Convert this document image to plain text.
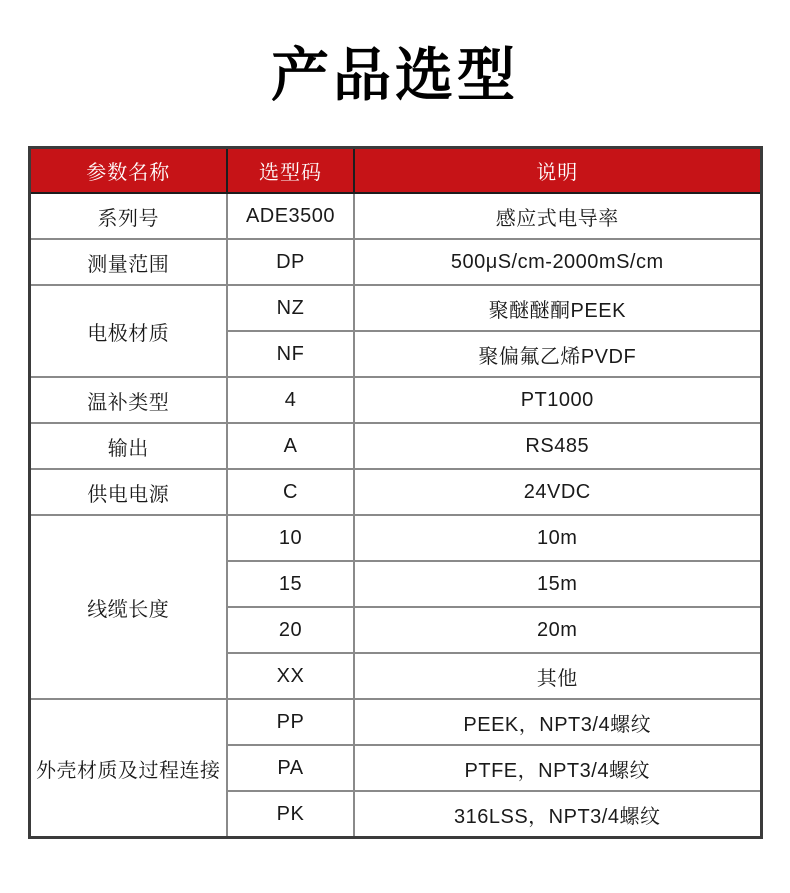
产品选型
参数名称	选型码	说明
系列号	ADE3500	感应式电导率
测量范围	DP	500μS/cm-2000mS/cm
电极材质	NZ	聚醚醚酮PEEK
	NF	聚偏氟乙烯PVDF
温补类型	4	PT1000
输出	A	RS485
供电电源	C	24VDC
线缆长度	10	10m
	15	15m
	20	20m
	XX	其他
外壳材质及过程连接	PP	PEEK，NPT3/4螺纹
	PA	PTFE，NPT3/4螺纹
	PK	316LSS，NPT3/4螺纹
